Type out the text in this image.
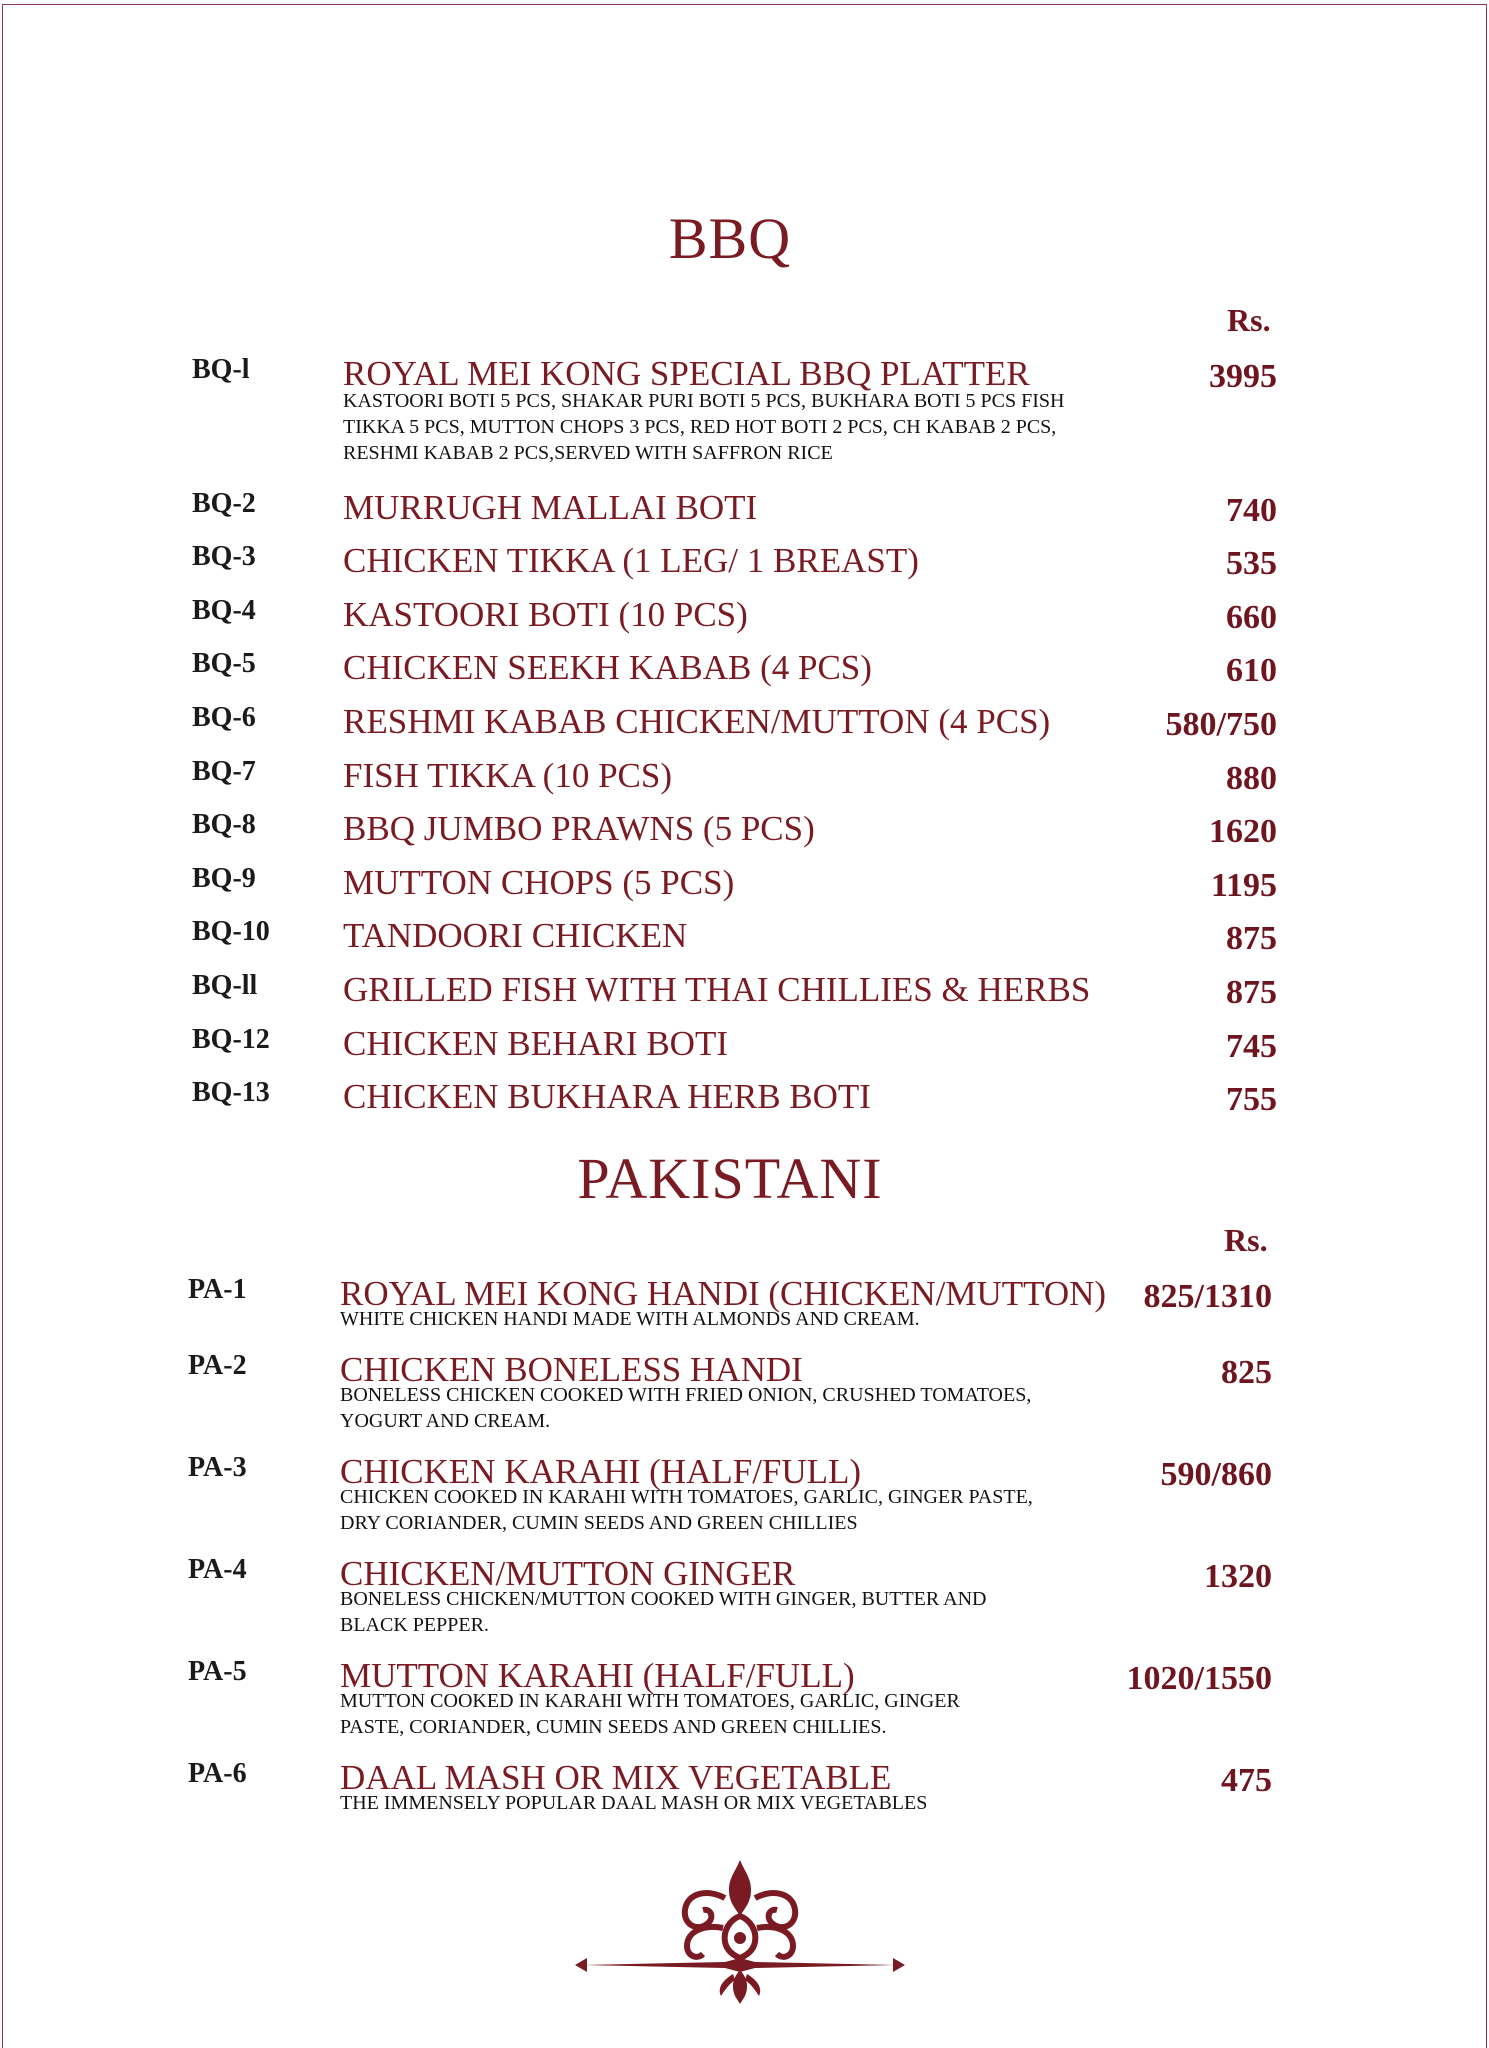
BBQ
Rs.
BQ-l	ROYAL MEI KONG SPECIAL BBQ PLATTER	3995
KASTOORI BOTI 5 PCS, SHAKAR PURI BOTI 5 PCS, BUKHARA BOTI 5 PCS FISH
TIKKA 5 PCS, MUTTON CHOPS 3 PCS, RED HOT BOTI 2 PCS, CH KABAB 2 PCS,
RESHMI KABAB 2 PCS,SERVED WITH SAFFRON RICE
BQ-2 MURRUGH MALLAI BOTI	740
BQ-3 CHICKEN TIKKA (1 LEG/ 1 BREAST)	535
BQ-4 KASTOORI BOTI (10 PCS)	660
BQ-5 CHICKEN SEEKH KABAB (4 PCS)	610
BQ-6 RESHMI KABAB CHICKEN/MUTTON (4 PCS)	580/750
BQ-7 FISH TIKKA (10 PCS)	880
BQ-8 BBQ JUMBO PRAWNS (5 PCS)	1620
BQ-9 MUTTON CHOPS (5 PCS)	1195
BQ-10 TANDOORI CHICKEN	875
BQ-ll GRILLED FISH WITH THAI CHILLIES & HERBS	875
BQ-12 CHICKEN BEHARI BOTI	745
BQ-13 CHICKEN BUKHARA HERB BOTI	755
PAKISTANI
Rs.
PA-1	ROYAL MEI KONG HANDI (CHICKEN/MUTTON) 825/1310
WHITE CHICKEN HANDI MADE WITH ALMONDS AND CREAM.
PA-2	CHICKEN BONELESS HANDI	825
BONELESS CHICKEN COOKED WITH FRIED ONION, CRUSHED TOMATOES,
YOGURT AND CREAM.
PA-3	CHICKEN KARAHI (HALF/FULL)	590/860
CHICKEN COOKED IN KARAHI WITH TOMATOES, GARLIC, GINGER PASTE,
DRY CORIANDER, CUMIN SEEDS AND GREEN CHILLIES
PA-4	CHICKEN/MUTTON GINGER	1320
BONELESS CHICKEN/MUTTON COOKED WITH GINGER, BUTTER AND
BLACK PEPPER.
PA-5	MUTTON KARAHI (HALF/FULL)	1020/1550
MUTTON COOKED IN KARAHI WITH TOMATOES, GARLIC, GINGER
PASTE, CORIANDER, CUMIN SEEDS AND GREEN CHILLIES.
PA-6	DAAL MASH OR MIX VEGETABLE	475
THE IMMENSELY POPULAR DAAL MASH OR MIX VEGETABLES
